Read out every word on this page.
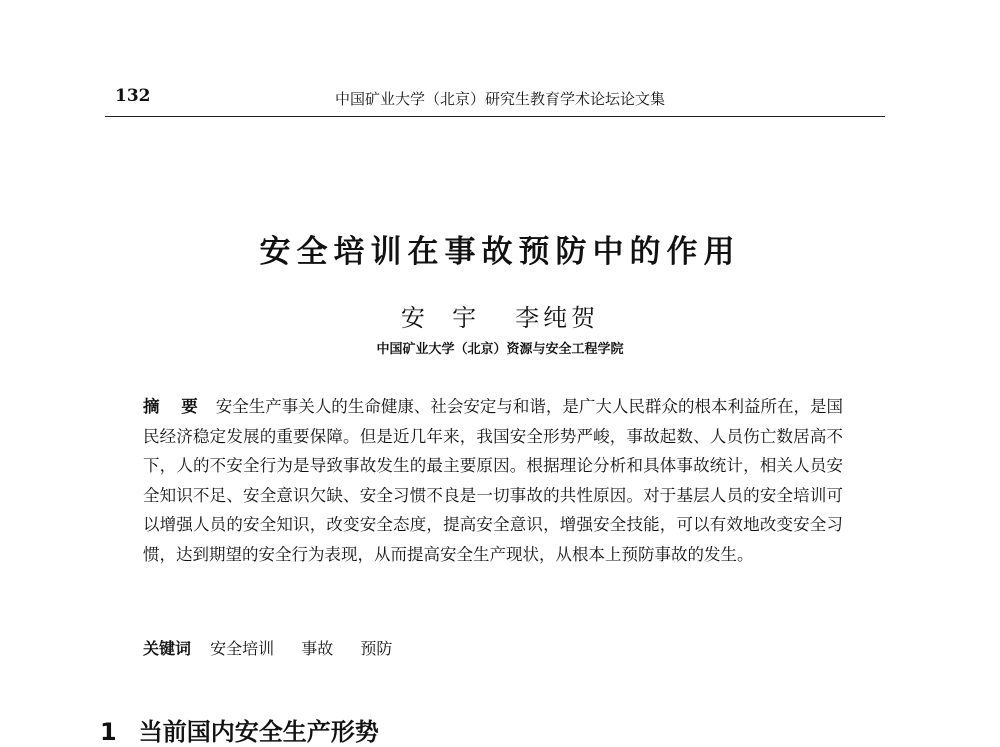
132	中国矿业大学（北京）研究生教育学术论坛论文集
安全培训在事故预防中的作用
安  宇   李纯贺
中国矿业大学（北京）资源与安全工程学院
摘 要 安全生产事关人的生命健康、社会安定与和谐，是广大人民群众的根本利益所在，是国民经济稳定发展的重要保障。但是近几年来，我国安全形势严峻，事故起数、人员伤亡数居高不下，人的不安全行为是导致事故发生的最主要原因。根据理论分析和具体事故统计，相关人员安全知识不足、安全意识欠缺、安全习惯不良是一切事故的共性原因。对于基层人员的安全培训可以增强人员的安全知识，改变安全态度，提高安全意识，增强安全技能，可以有效地改变安全习惯，达到期望的安全行为表现，从而提高安全生产现状，从根本上预防事故的发生。
关键词 安全培训 事故 预防
1 当前国内安全生产形势
